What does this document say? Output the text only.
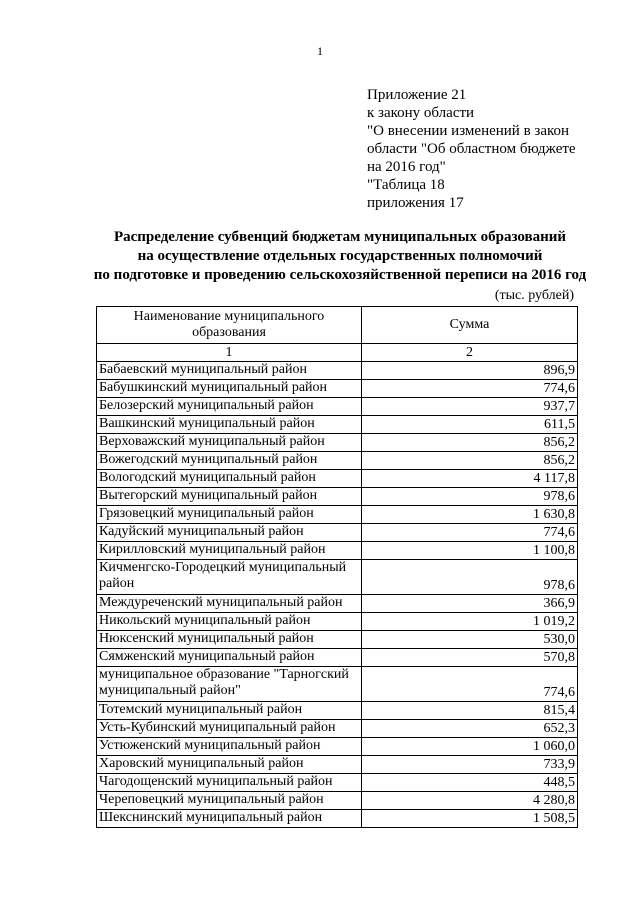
1
Приложение 21
к закону области
"О внесении изменений в закон
области "Об областном бюджете
на 2016 год"
"Таблица 18
приложения 17
Распределение субвенций бюджетам муниципальных образований
на осуществление отдельных государственных полномочий
по подготовке и проведению сельскохозяйственной переписи на 2016 год
(тыс. рублей)
Наименование муниципального образования	Сумма
1	2
Бабаевский муниципальный район	896,9
Бабушкинский муниципальный район	774,6
Белозерский муниципальный район	937,7
Вашкинский муниципальный район	611,5
Верховажский муниципальный район	856,2
Вожегодский муниципальный район	856,2
Вологодский муниципальный район	4 117,8
Вытегорский муниципальный район	978,6
Грязовецкий муниципальный район	1 630,8
Кадуйский муниципальный район	774,6
Кирилловский муниципальный район	1 100,8
Кичменгско-Городецкий муниципальный район	978,6
Междуреченский муниципальный район	366,9
Никольский муниципальный район	1 019,2
Нюксенский муниципальный район	530,0
Сямженский муниципальный район	570,8
муниципальное образование "Тарногский муниципальный район"	774,6
Тотемский муниципальный район	815,4
Усть-Кубинский муниципальный район	652,3
Устюженский муниципальный район	1 060,0
Харовский муниципальный район	733,9
Чагодощенский муниципальный район	448,5
Череповецкий муниципальный район	4 280,8
Шекснинский муниципальный район	1 508,5
